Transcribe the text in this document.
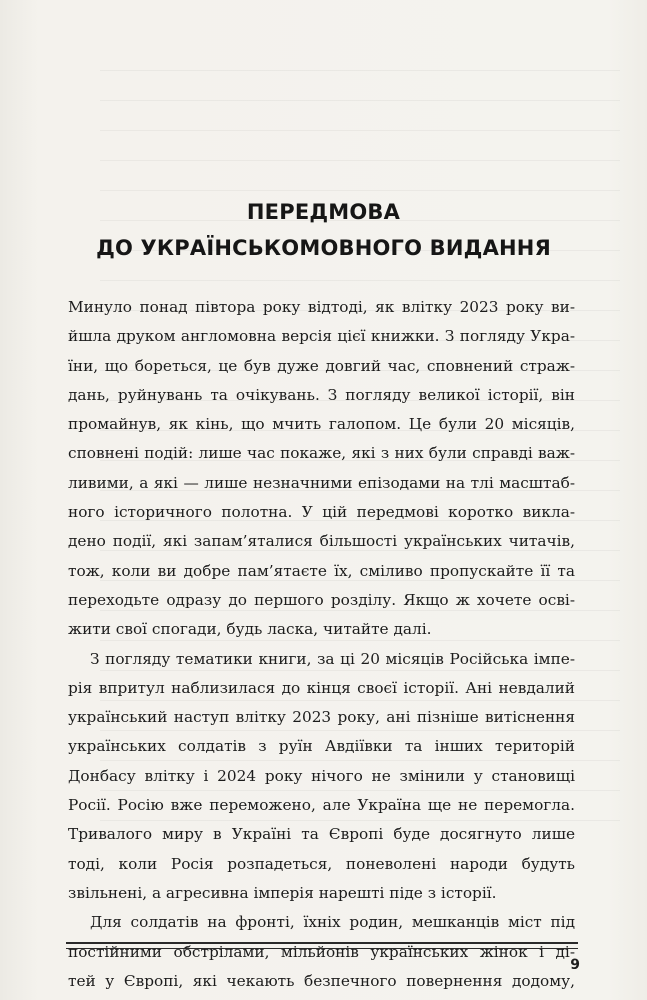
ПЕРЕДМОВА
ДО УКРАЇНСЬКОМОВНОГО ВИДАННЯ
Минуло понад півтора року відтоді, як влітку 2023 року ви-
йшла друком англомовна версія цієї книжки. З погляду Укра-
їни, що бореться, це був дуже довгий час, сповнений страж-
дань, руйнувань та очікувань. З погляду великої історії, він
промайнув, як кінь, що мчить галопом. Це були 20 місяців,
сповнені подій: лише час покаже, які з них були справді важ-
ливими, а які — лише незначними епізодами на тлі масштаб-
ного історичного полотна. У цій передмові коротко викла-
дено події, які запам’яталися більшості українських читачів,
тож, коли ви добре пам’ятаєте їх, сміливо пропускайте її та
переходьте одразу до першого розділу. Якщо ж хочете осві-
жити свої спогади, будь ласка, читайте далі.
З погляду тематики книги, за ці 20 місяців Російська імпе-
рія впритул наблизилася до кінця своєї історії. Ані невдалий
український наступ влітку 2023 року, ані пізніше витіснення
українських солдатів з руїн Авдіївки та інших територій
Донбасу влітку і 2024 року нічого не змінили у становищі
Росії. Росію вже переможено, але Україна ще не перемогла.
Тривалого миру в Україні та Європі буде досягнуто лише
тоді, коли Росія розпадеться, поневолені народи будуть
звільнені, а агресивна імперія нарешті піде з історії.
Для солдатів на фронті, їхніх родин, мешканців міст під
постійними обстрілами, мільйонів українських жінок і ді-
тей у Європі, які чекають безпечного повернення додому,
9
